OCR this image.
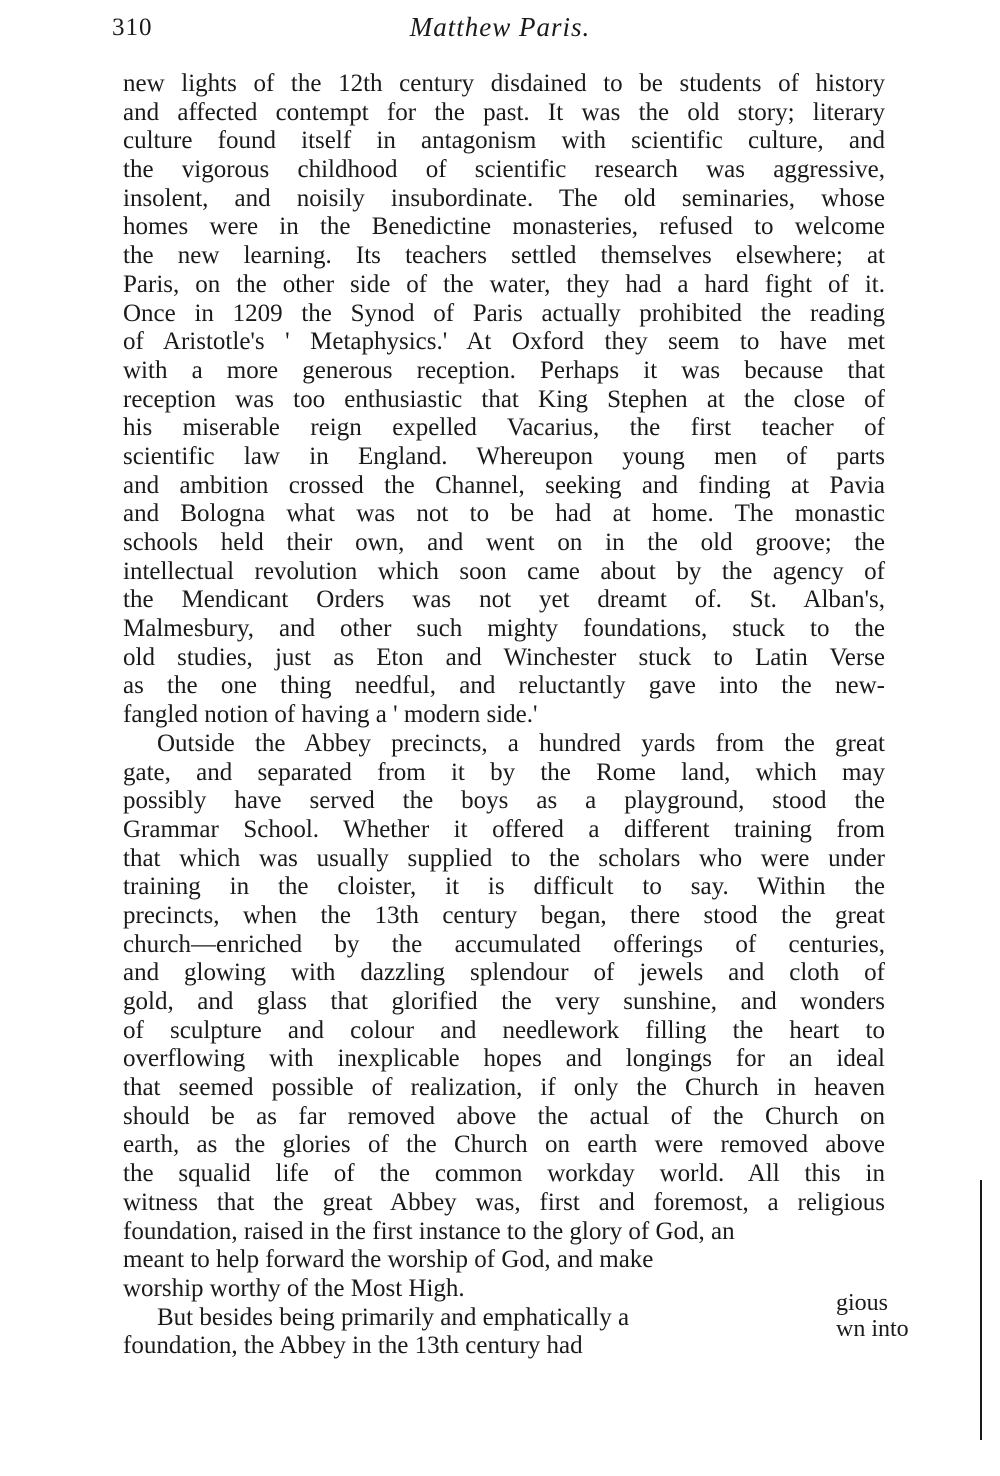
310	Matthew Paris.
new lights of the 12th century disdained to be students of history
and affected contempt for the past. It was the old story; literary
culture found itself in antagonism with scientific culture, and
the vigorous childhood of scientific research was aggressive,
insolent, and noisily insubordinate. The old seminaries, whose
homes were in the Benedictine monasteries, refused to welcome
the new learning. Its teachers settled themselves elsewhere; at
Paris, on the other side of the water, they had a hard fight of it.
Once in 1209 the Synod of Paris actually prohibited the reading
of Aristotle's ' Metaphysics.' At Oxford they seem to have met
with a more generous reception. Perhaps it was because that
reception was too enthusiastic that King Stephen at the close of
his miserable reign expelled Vacarius, the first teacher of
scientific law in England. Whereupon young men of parts
and ambition crossed the Channel, seeking and finding at Pavia
and Bologna what was not to be had at home. The monastic
schools held their own, and went on in the old groove; the
intellectual revolution which soon came about by the agency of
the Mendicant Orders was not yet dreamt of. St. Alban's,
Malmesbury, and other such mighty foundations, stuck to the
old studies, just as Eton and Winchester stuck to Latin Verse
as the one thing needful, and reluctantly gave into the new-
fangled notion of having a ' modern side.'
Outside the Abbey precincts, a hundred yards from the great
gate, and separated from it by the Rome land, which may
possibly have served the boys as a playground, stood the
Grammar School. Whether it offered a different training from
that which was usually supplied to the scholars who were under
training in the cloister, it is difficult to say. Within the
precincts, when the 13th century began, there stood the great
church—enriched by the accumulated offerings of centuries,
and glowing with dazzling splendour of jewels and cloth of
gold, and glass that glorified the very sunshine, and wonders
of sculpture and colour and needlework filling the heart to
overflowing with inexplicable hopes and longings for an ideal
that seemed possible of realization, if only the Church in heaven
should be as far removed above the actual of the Church on
earth, as the glories of the Church on earth were removed above
the squalid life of the common workday world. All this in
witness that the great Abbey was, first and foremost, a religious
foundation, raised in the first instance to the glory of God, an
meant to help forward the worship of God, and make
worship worthy of the Most High.
But besides being primarily and emphatically a
foundation, the Abbey in the 13th century had
gious
wn into
